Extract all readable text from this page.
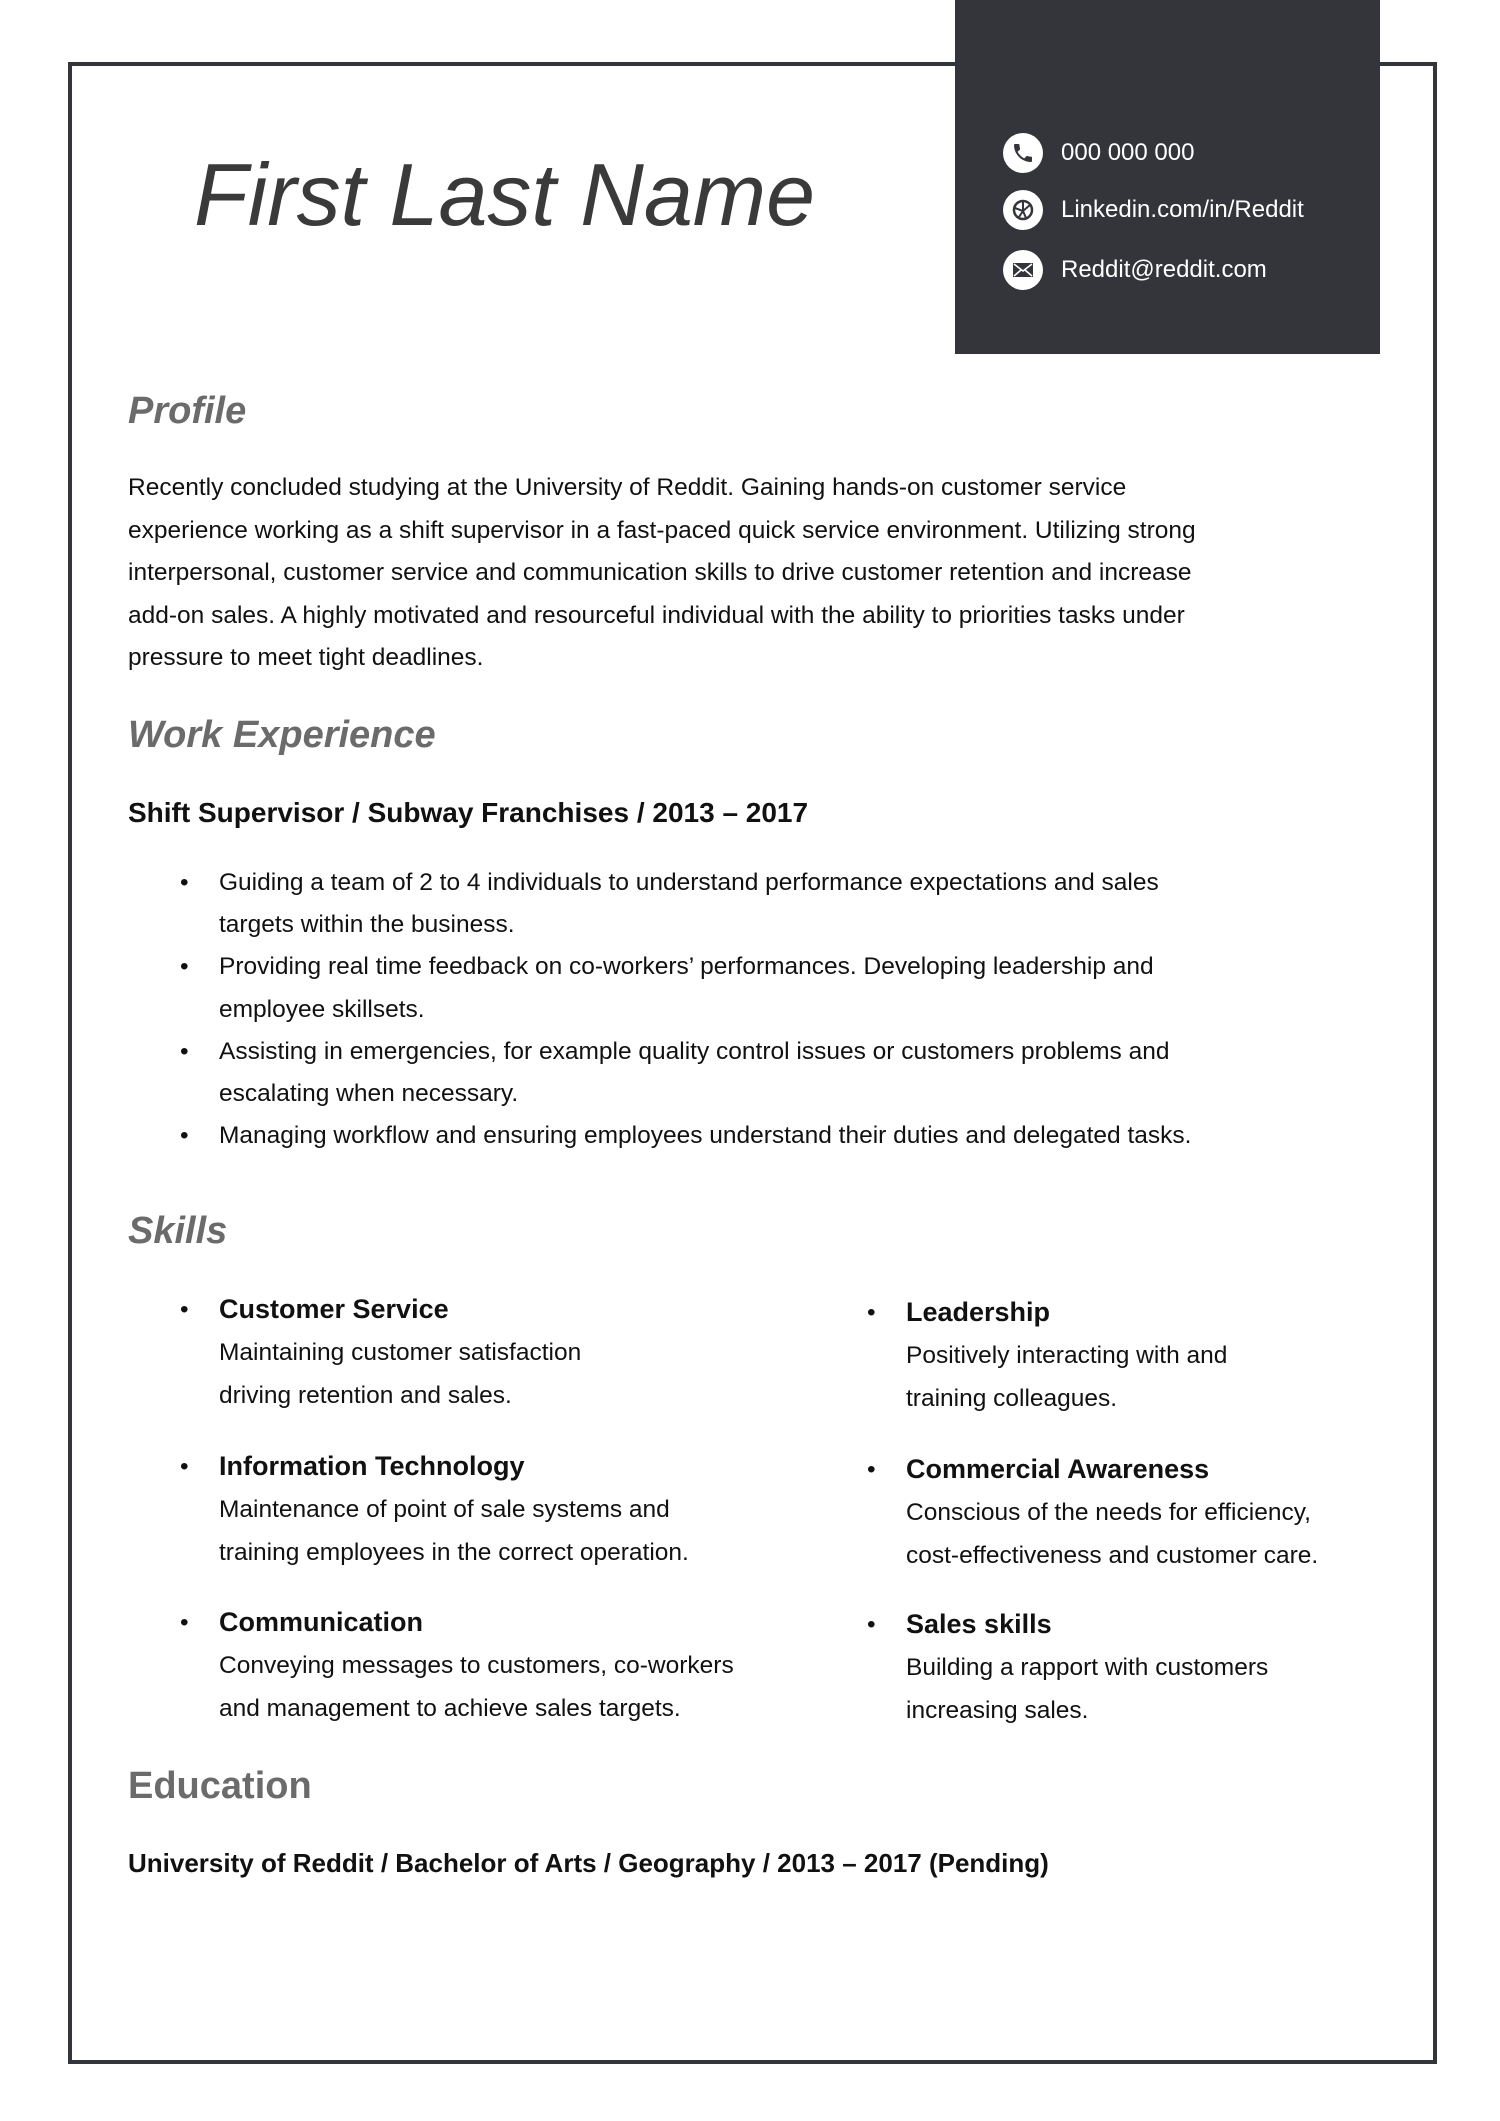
000 000 000
Linkedin.com/in/Reddit
Reddit@reddit.com
First Last Name
Profile
Recently concluded studying at the University of Reddit. Gaining hands-on customer service
experience working as a shift supervisor in a fast-paced quick service environment. Utilizing strong
interpersonal, customer service and communication skills to drive customer retention and increase
add-on sales. A highly motivated and resourceful individual with the ability to priorities tasks under
pressure to meet tight deadlines.
Work Experience
Shift Supervisor / Subway Franchises / 2013 – 2017
• Guiding a team of 2 to 4 individuals to understand performance expectations and sales
targets within the business.
• Providing real time feedback on co-workers’ performances. Developing leadership and
employee skillsets.
• Assisting in emergencies, for example quality control issues or customers problems and
escalating when necessary.
• Managing workflow and ensuring employees understand their duties and delegated tasks.
Skills
• Customer Service
Maintaining customer satisfaction
driving retention and sales.
• Information Technology
Maintenance of point of sale systems and
training employees in the correct operation.
• Communication
Conveying messages to customers, co-workers
and management to achieve sales targets.
• Leadership
Positively interacting with and
training colleagues.
• Commercial Awareness
Conscious of the needs for efficiency,
cost-effectiveness and customer care.
• Sales skills
Building a rapport with customers
increasing sales.
Education
University of Reddit / Bachelor of Arts / Geography / 2013 – 2017 (Pending)
